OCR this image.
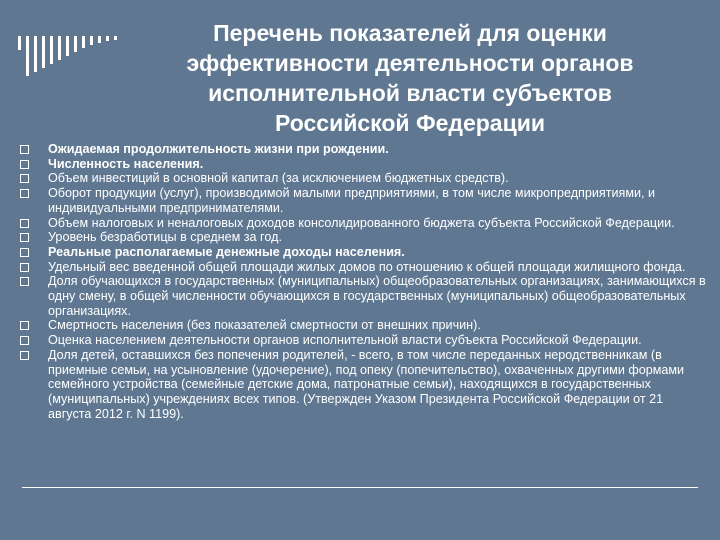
Перечень показателей для оценки эффективности деятельности органов исполнительной власти субъектов Российской Федерации
Ожидаемая продолжительность жизни при рождении.
Численность населения.
Объем инвестиций в основной капитал (за исключением бюджетных средств).
Оборот продукции (услуг), производимой малыми предприятиями, в том числе микропредприятиями, и индивидуальными предпринимателями.
Объем налоговых и неналоговых доходов консолидированного бюджета субъекта Российской Федерации.
Уровень безработицы в среднем за год.
Реальные располагаемые денежные доходы населения.
Удельный вес введенной общей площади жилых домов по отношению к общей площади жилищного фонда.
Доля обучающихся в государственных (муниципальных) общеобразовательных организациях, занимающихся в одну смену, в общей численности обучающихся в государственных (муниципальных) общеобразовательных организациях.
Смертность населения (без показателей смертности от внешних причин).
Оценка населением деятельности органов исполнительной власти субъекта Российской Федерации.
Доля детей, оставшихся без попечения родителей, - всего, в том числе переданных неродственникам (в приемные семьи, на усыновление (удочерение), под опеку (попечительство), охваченных другими формами семейного устройства (семейные детские дома, патронатные семьи), находящихся в государственных (муниципальных) учреждениях всех типов. (Утвержден Указом Президента Российской Федерации от 21 августа 2012 г. N 1199).
